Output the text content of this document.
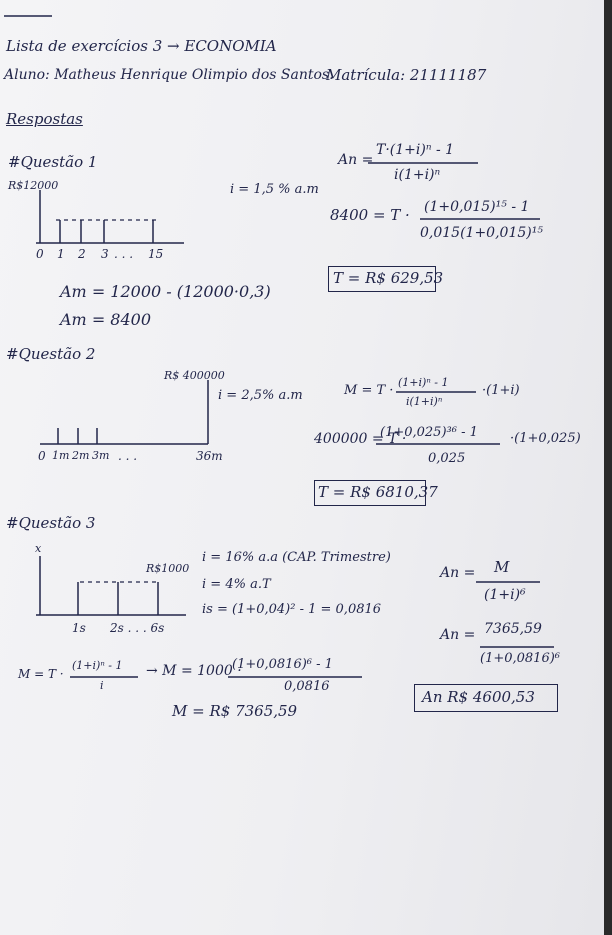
Lista de exercícios 3 → ECONOMIA
Aluno: Matheus Henrique Olimpio dos Santos.
Matrícula: 21111187
Respostas
#Questão 1
R$12000	i = 1,5 % a.m
0 1 2 3 . . . 15
Am = 12000 - (12000·0,3)
Am = 8400
An =
T·(1+i)ⁿ - 1
i(1+i)ⁿ
8400 = T · (1+0,015)¹⁵ - 1
0,015(1+0,015)¹⁵
T = R$ 629,53
#Questão 2
R$ 400000
i = 2,5% a.m
0 1m 2m 3m . . .	36m
M = T ·
(1+i)ⁿ - 1
i(1+i)ⁿ
·(1+i)
400000 = T ·
(1+0,025)³⁶ - 1
0,025
·(1+0,025)
T = R$ 6810,37
#Questão 3
x
R$1000
1s 2s . . . 6s
i = 16% a.a (CAP. Trimestre)
i = 4% a.T
is = (1+0,04)² - 1 = 0,0816
An = M
(1+i)⁶
An = 7365,59
(1+0,0816)⁶
M = T ·
(1+i)ⁿ - 1
i
→ M = 1000 ·
(1+0,0816)⁶ - 1
0,0816
M = R$ 7365,59
An R$ 4600,53
